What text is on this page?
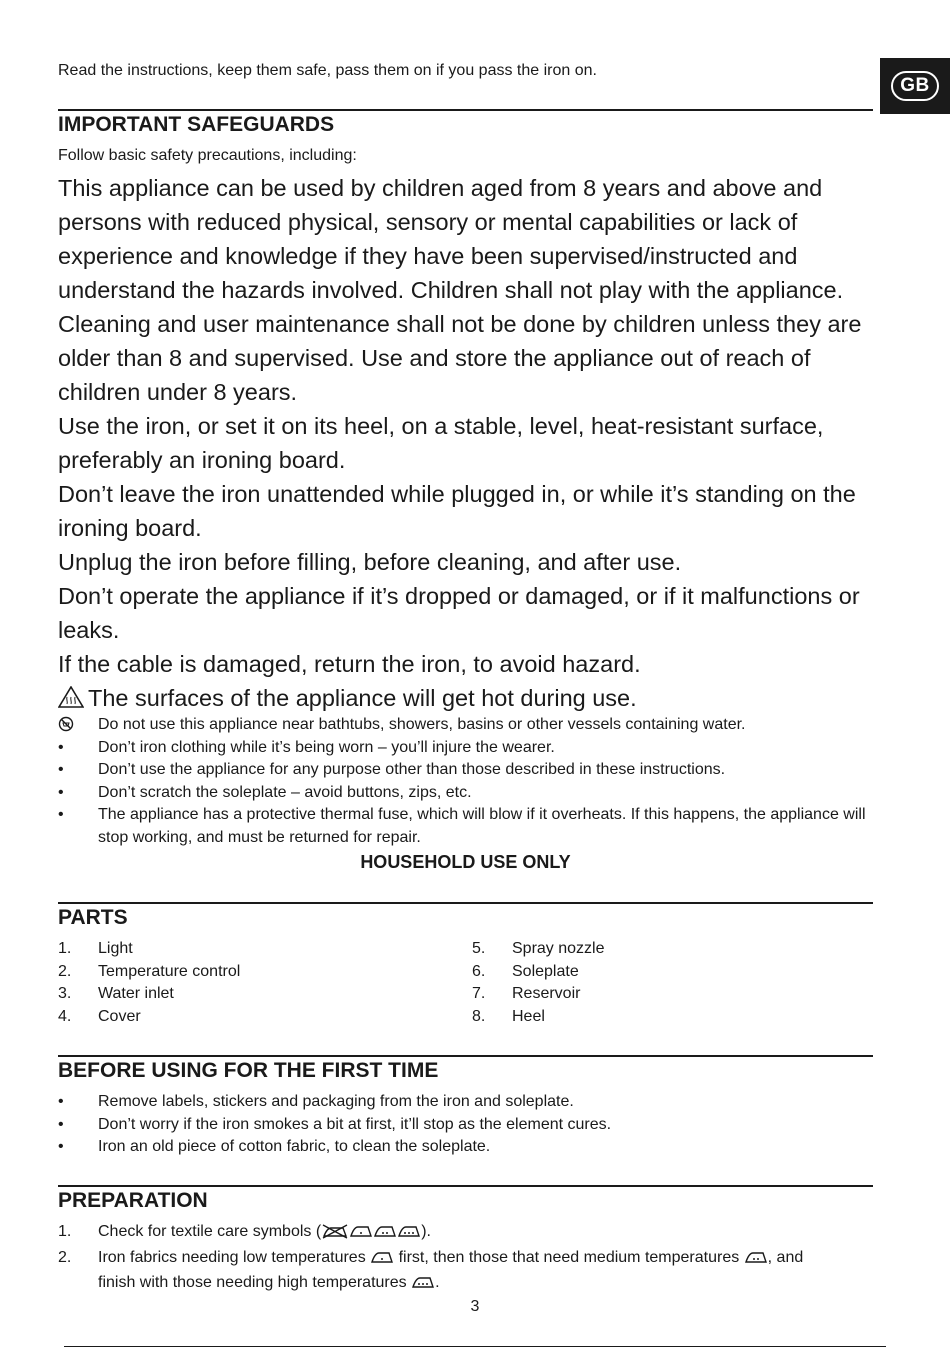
Read the instructions, keep them safe, pass them on if you pass the iron on.
GB
IMPORTANT SAFEGUARDS
Follow basic safety precautions, including:

This appliance can be used by children aged from 8 years and above and persons with reduced physical, sensory or mental capabilities or lack of experience and knowledge if they have been supervised/instructed and understand the hazards involved. Children shall not play with the appliance. Cleaning and user maintenance shall not be done by children unless they are older than 8 and supervised. Use and store the appliance out of reach of children under 8 years.

Use the iron, or set it on its heel, on a stable, level, heat-resistant surface, preferably an ironing board.

Don’t leave the iron unattended while plugged in, or while it’s standing on the ironing board.

Unplug the iron before filling, before cleaning, and after use.

Don’t operate the appliance if it’s dropped or damaged, or if it malfunctions or leaks.

If the cable is damaged, return the iron, to avoid hazard.

The surfaces of the appliance will get hot during use.

Do not use this appliance near bathtubs, showers, basins or other vessels containing water.
•	Don’t iron clothing while it’s being worn – you’ll injure the wearer.
•	Don’t use the appliance for any purpose other than those described in these instructions.
•	Don’t scratch the soleplate – avoid buttons, zips, etc.
•	The appliance has a protective thermal fuse, which will blow if it overheats. If this happens, the appliance will stop working, and must be returned for repair.
HOUSEHOLD USE ONLY
PARTS
1.	Light
2.	Temperature control
3.	Water inlet
4.	Cover
5.	Spray nozzle
6.	Soleplate
7.	Reservoir
8.	Heel
BEFORE USING FOR THE FIRST TIME
•	Remove labels, stickers and packaging from the iron and soleplate.
•	Don’t worry if the iron smokes a bit at first, it’ll stop as the element cures.
•	Iron an old piece of cotton fabric, to clean the soleplate.
PREPARATION
1.	Check for textile care symbols (	).
2.	Iron fabrics needing low temperatures  first, then those that need medium temperatures , and
finish with those needing high temperatures .
3
